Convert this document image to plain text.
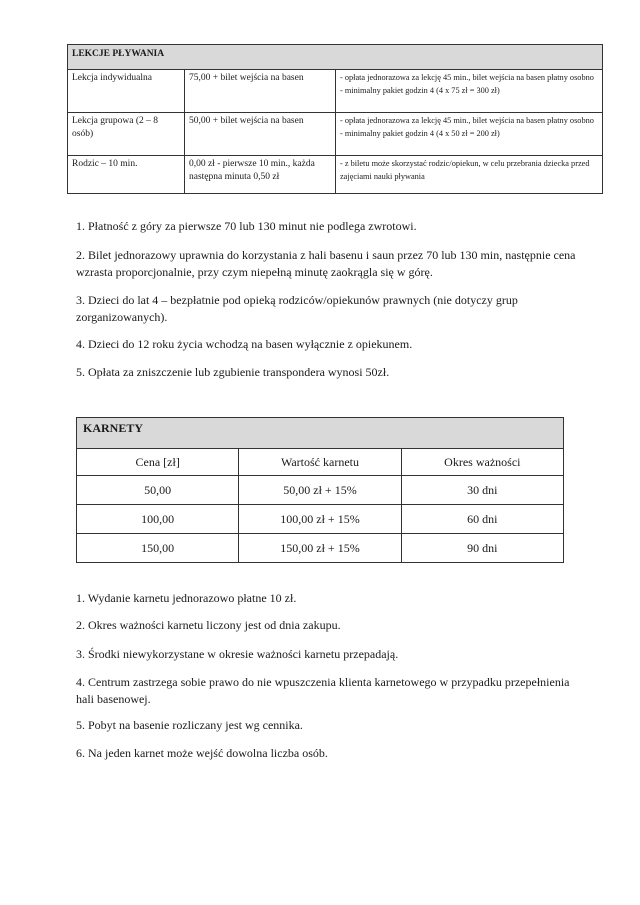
LEKCJE PŁYWANIA		
Lekcja indywidualna	75,00 + bilet wejścia na basen	- opłata jednorazowa za lekcję 45 min., bilet wejścia na basen płatny osobno
- minimalny pakiet godzin 4 (4 x 75 zł = 300 zł)

Lekcja grupowa (2 – 8 osób)	50,00 + bilet wejścia na basen	- opłata jednorazowa za lekcję 45 min., bilet wejścia na basen płatny osobno
- minimalny pakiet godzin 4 (4 x 50 zł = 200 zł)

Rodzic – 10 min.	0,00 zł - pierwsze 10 min., każda następna minuta 0,50 zł	- z biletu może skorzystać rodzic/opiekun, w celu przebrania dziecka przed zajęciami nauki pływania

1. Płatność z góry za pierwsze 70 lub 130 minut nie podlega zwrotowi.

2. Bilet jednorazowy uprawnia do korzystania z hali basenu i saun przez 70 lub 130 min, następnie cena wzrasta proporcjonalnie, przy czym niepełną minutę zaokrągla się w górę.

3. Dzieci do lat 4 – bezpłatnie pod opieką rodziców/opiekunów prawnych (nie dotyczy grup zorganizowanych).

4. Dzieci do 12 roku życia wchodzą na basen wyłącznie z opiekunem.

5. Opłata za zniszczenie lub zgubienie transpondera wynosi 50zł.

KARNETY		
Cena [zł]	Wartość karnetu	Okres ważności
50,00	50,00 zł + 15%	30 dni
100,00	100,00 zł + 15%	60 dni
150,00	150,00 zł + 15%	90 dni

1. Wydanie karnetu jednorazowo płatne 10 zł.

2. Okres ważności karnetu liczony jest od dnia zakupu.

3. Środki niewykorzystane w okresie ważności karnetu przepadają.

4. Centrum zastrzega sobie prawo do nie wpuszczenia klienta karnetowego w przypadku przepełnienia hali basenowej.

5. Pobyt na basenie rozliczany jest wg cennika.

6. Na jeden karnet może wejść dowolna liczba osób.
